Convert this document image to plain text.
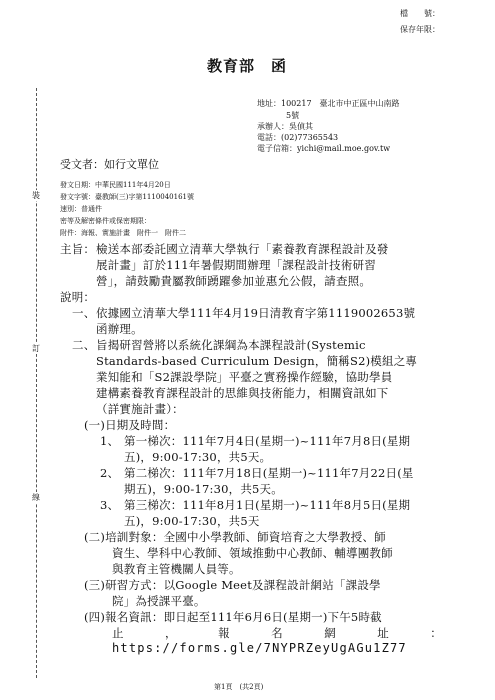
檔　　號：
保存年限：
教育部　函
地址：100217　臺北市中正區中山南路
5號
承辦人：吳偵其
電話：(02)77365543
電子信箱：yichi@mail.moe.gov.tw
受文者：如行文單位
發文日期：中華民國111年4月20日
發文字號：臺教師(三)字第1110040161號
速別：普通件
密等及解密條件或保密期限：
附件：海報、實施計畫　附件一　附件二
裝
訂
線
主旨： 檢送本部委託國立清華大學執行「素養教育課程設計及發
展計畫」訂於111年暑假期間辦理「課程設計技術研習
營」，請鼓勵貴屬教師踴躍參加並惠允公假，請查照。
說明：
一、 依據國立清華大學111年4月19日清教育字第1119002653號
函辦理。
二、 旨揭研習營將以系統化課綱為本課程設計(Systemic
Standards-based Curriculum Design，簡稱S2)模組之專
業知能和「S2課設學院」平臺之實務操作經驗，協助學員
建構素養教育課程設計的思維與技術能力，相關資訊如下
（詳實施計畫）：
(一)日期及時間：
1、 第一梯次：111年7月4日(星期一)~111年7月8日(星期
五)，9:00-17:30，共5天。
2、 第二梯次：111年7月18日(星期一)~111年7月22日(星
期五)，9:00-17:30，共5天。
3、 第三梯次：111年8月1日(星期一)~111年8月5日(星期
五)，9:00-17:30，共5天
(二)培訓對象：全國中小學教師、師資培育之大學教授、師
資生、學科中心教師、領域推動中心教師、輔導團教師
與教育主管機關人員等。
(三)研習方式：以Google Meet及課程設計網站「課設學
院」為授課平臺。
(四)報名資訊：即日起至111年6月6日(星期一)下午5時截
止	，	報	名	網	址	：
https://forms.gle/7NYPRZeyUgAGu1Z77
第1頁　(共2頁)
